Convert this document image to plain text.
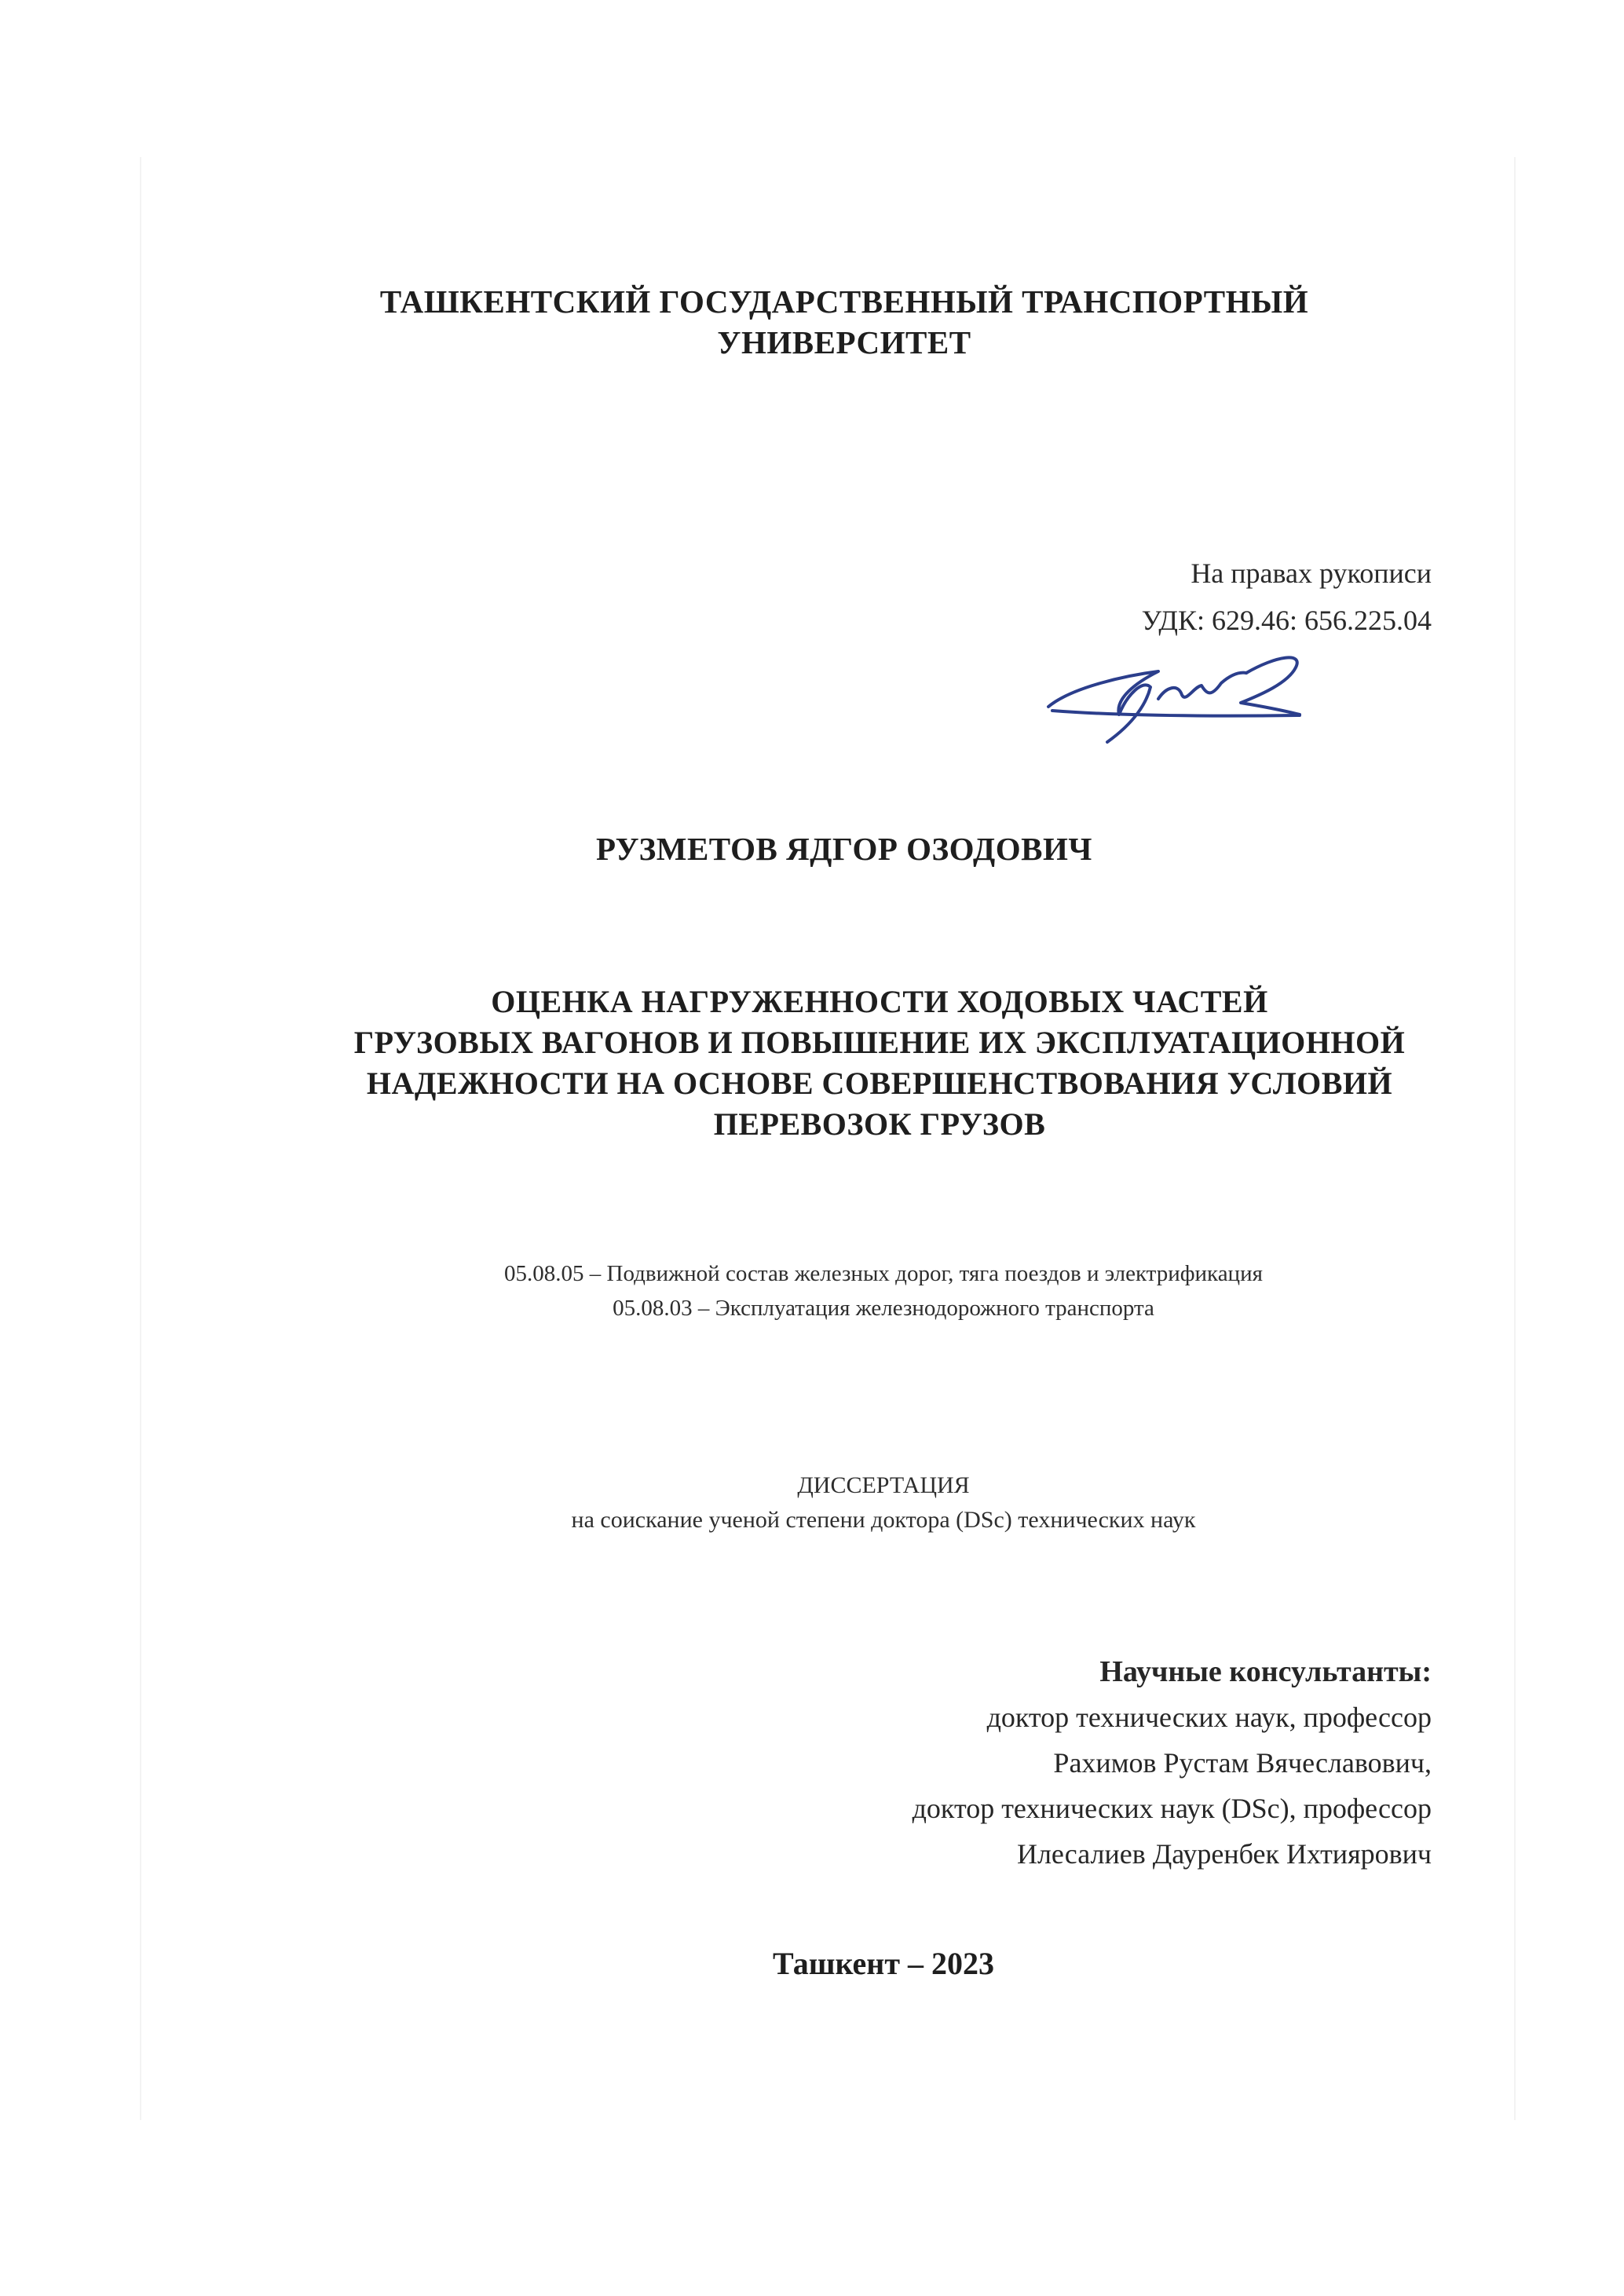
ТАШКЕНТСКИЙ ГОСУДАРСТВЕННЫЙ ТРАНСПОРТНЫЙ
УНИВЕРСИТЕТ
На правах рукописи
УДК: 629.46: 656.225.04
РУЗМЕТОВ ЯДГОР ОЗОДОВИЧ
ОЦЕНКА НАГРУЖЕННОСТИ ХОДОВЫХ ЧАСТЕЙ
ГРУЗОВЫХ ВАГОНОВ И ПОВЫШЕНИЕ ИХ ЭКСПЛУАТАЦИОННОЙ
НАДЕЖНОСТИ НА ОСНОВЕ СОВЕРШЕНСТВОВАНИЯ УСЛОВИЙ
ПЕРЕВОЗОК ГРУЗОВ
05.08.05 – Подвижной состав железных дорог, тяга поездов и электрификация
05.08.03 – Эксплуатация железнодорожного транспорта
ДИССЕРТАЦИЯ
на соискание ученой степени доктора (DSc) технических наук
Научные консультанты:
доктор технических наук, профессор
Рахимов Рустам Вячеславович,
доктор технических наук (DSc), профессор
Илесалиев Дауренбек Ихтиярович
Ташкент – 2023
